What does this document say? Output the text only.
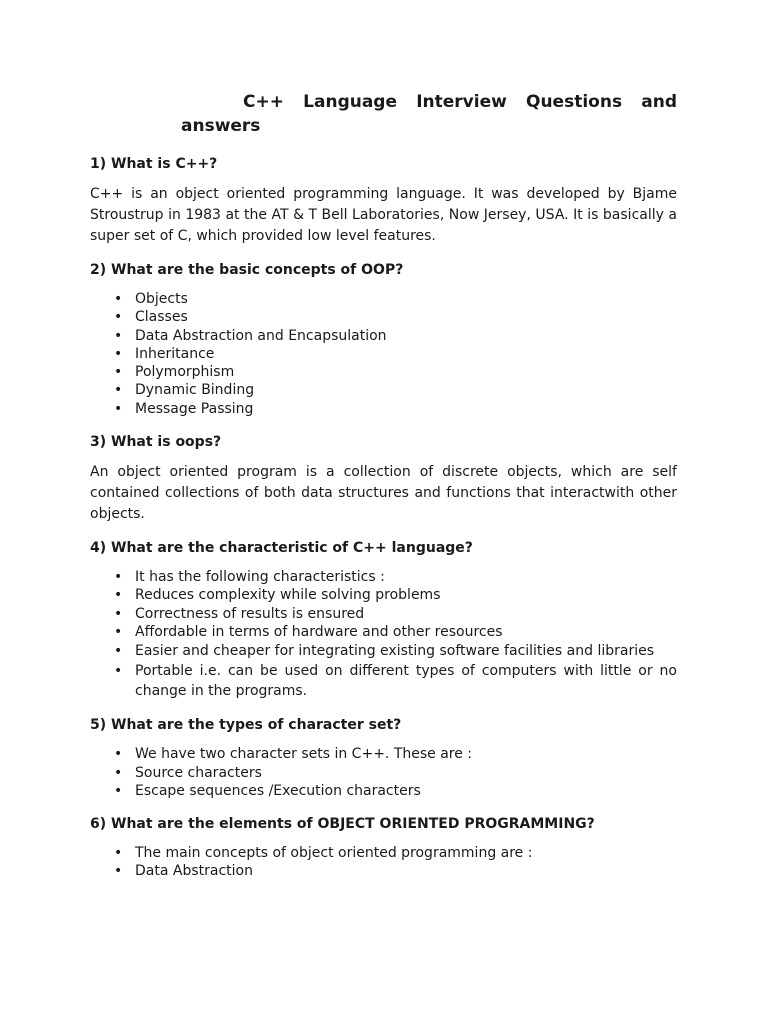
C++ Language Interview Questions and
answers
1) What is C++?

C++ is an object oriented programming language. It was developed by Bjame Stroustrup in 1983 at the AT & T Bell Laboratories, Now Jersey, USA. It is basically a super set of C, which provided low level features.

2) What are the basic concepts of OOP?
• Objects
• Classes
• Data Abstraction and Encapsulation
• Inheritance
• Polymorphism
• Dynamic Binding
• Message Passing
3) What is oops?

An object oriented program is a collection of discrete objects, which are self contained collections of both data structures and functions that interactwith other objects.

4) What are the characteristic of C++ language?
• It has the following characteristics :
• Reduces complexity while solving problems
• Correctness of results is ensured
• Affordable in terms of hardware and other resources
• Easier and cheaper for integrating existing software facilities and libraries
• Portable i.e. can be used on different types of computers with little or no change in the programs.
5) What are the types of character set?
• We have two character sets in C++. These are :
• Source characters
• Escape sequences /Execution characters
6) What are the elements of OBJECT ORIENTED PROGRAMMING?
• The main concepts of object oriented programming are :
• Data Abstraction
